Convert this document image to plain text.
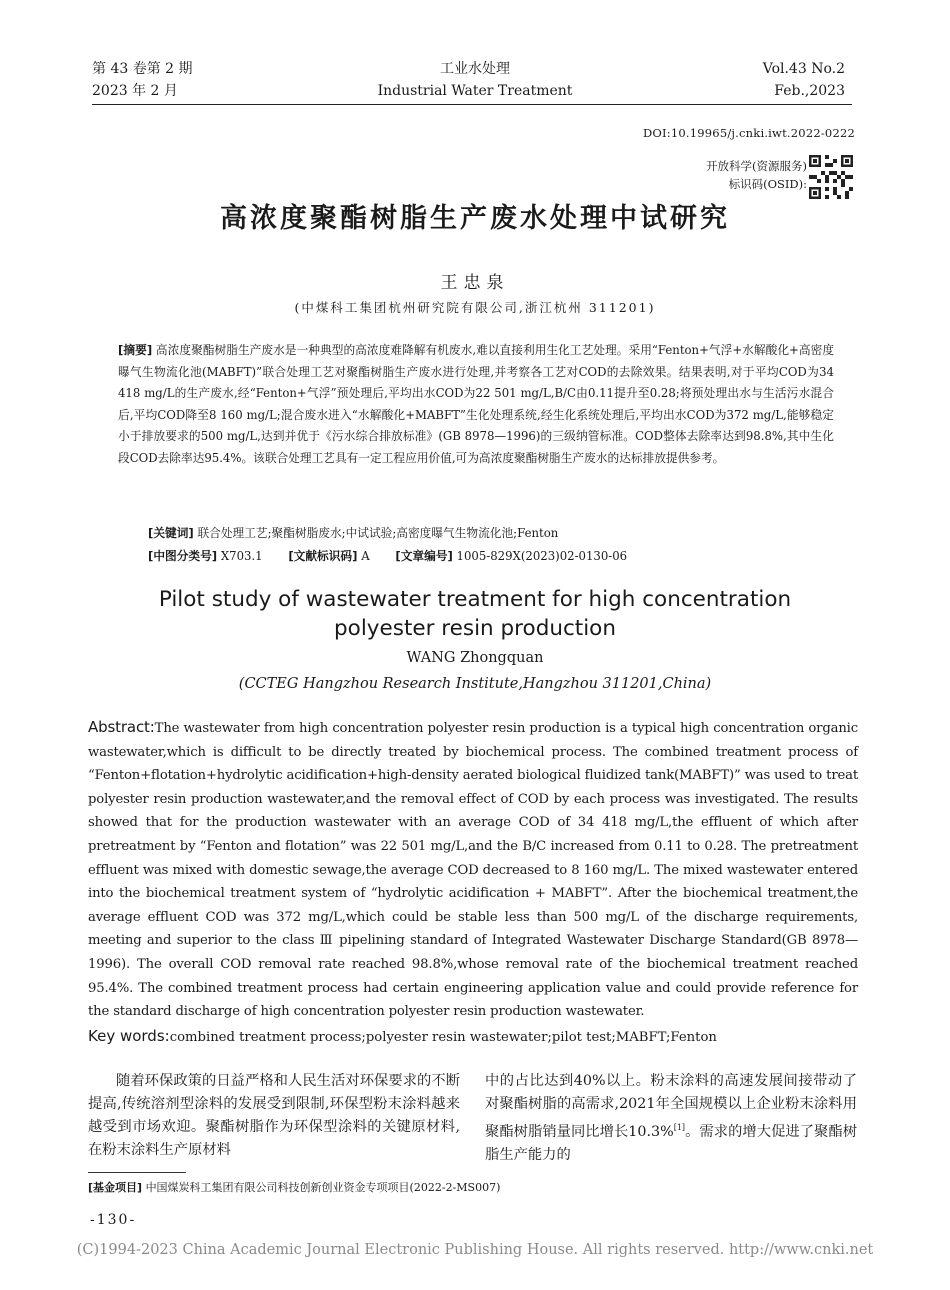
第 43 卷第 2 期
2023 年 2 月
工业水处理
Industrial Water Treatment
Vol.43 No.2
Feb.,2023
DOI:10.19965/j.cnki.iwt.2022-0222
开放科学(资源服务)
标识码(OSID):
高浓度聚酯树脂生产废水处理中试研究
王忠泉
(中煤科工集团杭州研究院有限公司,浙江杭州 311201)
[摘要] 高浓度聚酯树脂生产废水是一种典型的高浓度难降解有机废水,难以直接利用生化工艺处理。采用“Fenton+气浮+水解酸化+高密度曝气生物流化池(MABFT)”联合处理工艺对聚酯树脂生产废水进行处理,并考察各工艺对COD的去除效果。结果表明,对于平均COD为34 418 mg/L的生产废水,经“Fenton+气浮”预处理后,平均出水COD为22 501 mg/L,B/C由0.11提升至0.28;将预处理出水与生活污水混合后,平均COD降至8 160 mg/L;混合废水进入“水解酸化+MABFT”生化处理系统,经生化系统处理后,平均出水COD为372 mg/L,能够稳定小于排放要求的500 mg/L,达到并优于《污水综合排放标准》(GB 8978—1996)的三级纳管标准。COD整体去除率达到98.8%,其中生化段COD去除率达95.4%。该联合处理工艺具有一定工程应用价值,可为高浓度聚酯树脂生产废水的达标排放提供参考。
[关键词] 联合处理工艺;聚酯树脂废水;中试试验;高密度曝气生物流化池;Fenton
[中图分类号] X703.1 [文献标识码] A [文章编号] 1005-829X(2023)02-0130-06
Pilot study of wastewater treatment for high concentration
polyester resin production
WANG Zhongquan
(CCTEG Hangzhou Research Institute,Hangzhou 311201,China)
Abstract:The wastewater from high concentration polyester resin production is a typical high concentration organic wastewater,which is difficult to be directly treated by biochemical process. The combined treatment process of “Fenton+flotation+hydrolytic acidification+high-density aerated biological fluidized tank(MABFT)” was used to treat polyester resin production wastewater,and the removal effect of COD by each process was investigated. The results showed that for the production wastewater with an average COD of 34 418 mg/L,the effluent of which after pretreatment by “Fenton and flotation” was 22 501 mg/L,and the B/C increased from 0.11 to 0.28. The pretreatment effluent was mixed with domestic sewage,the average COD decreased to 8 160 mg/L. The mixed wastewater entered into the biochemical treatment system of “hydrolytic acidification + MABFT”. After the biochemical treatment,the average effluent COD was 372 mg/L,which could be stable less than 500 mg/L of the discharge requirements, meeting and superior to the class Ⅲ pipelining standard of Integrated Wastewater Discharge Standard(GB 8978—1996). The overall COD removal rate reached 98.8%,whose removal rate of the biochemical treatment reached 95.4%. The combined treatment process had certain engineering application value and could provide reference for the standard discharge of high concentration polyester resin production wastewater.
Key words:combined treatment process;polyester resin wastewater;pilot test;MABFT;Fenton
随着环保政策的日益严格和人民生活对环保要求的不断提高,传统溶剂型涂料的发展受到限制,环保型粉末涂料越来越受到市场欢迎。聚酯树脂作为环保型涂料的关键原材料,在粉末涂料生产原材料
中的占比达到40%以上。粉末涂料的高速发展间接带动了对聚酯树脂的高需求,2021年全国规模以上企业粉末涂料用聚酯树脂销量同比增长10.3%[1]。需求的增大促进了聚酯树脂生产能力的
[基金项目] 中国煤炭科工集团有限公司科技创新创业资金专项项目(2022-2-MS007)
-130-
(C)1994-2023 China Academic Journal Electronic Publishing House. All rights reserved. http://www.cnki.net
